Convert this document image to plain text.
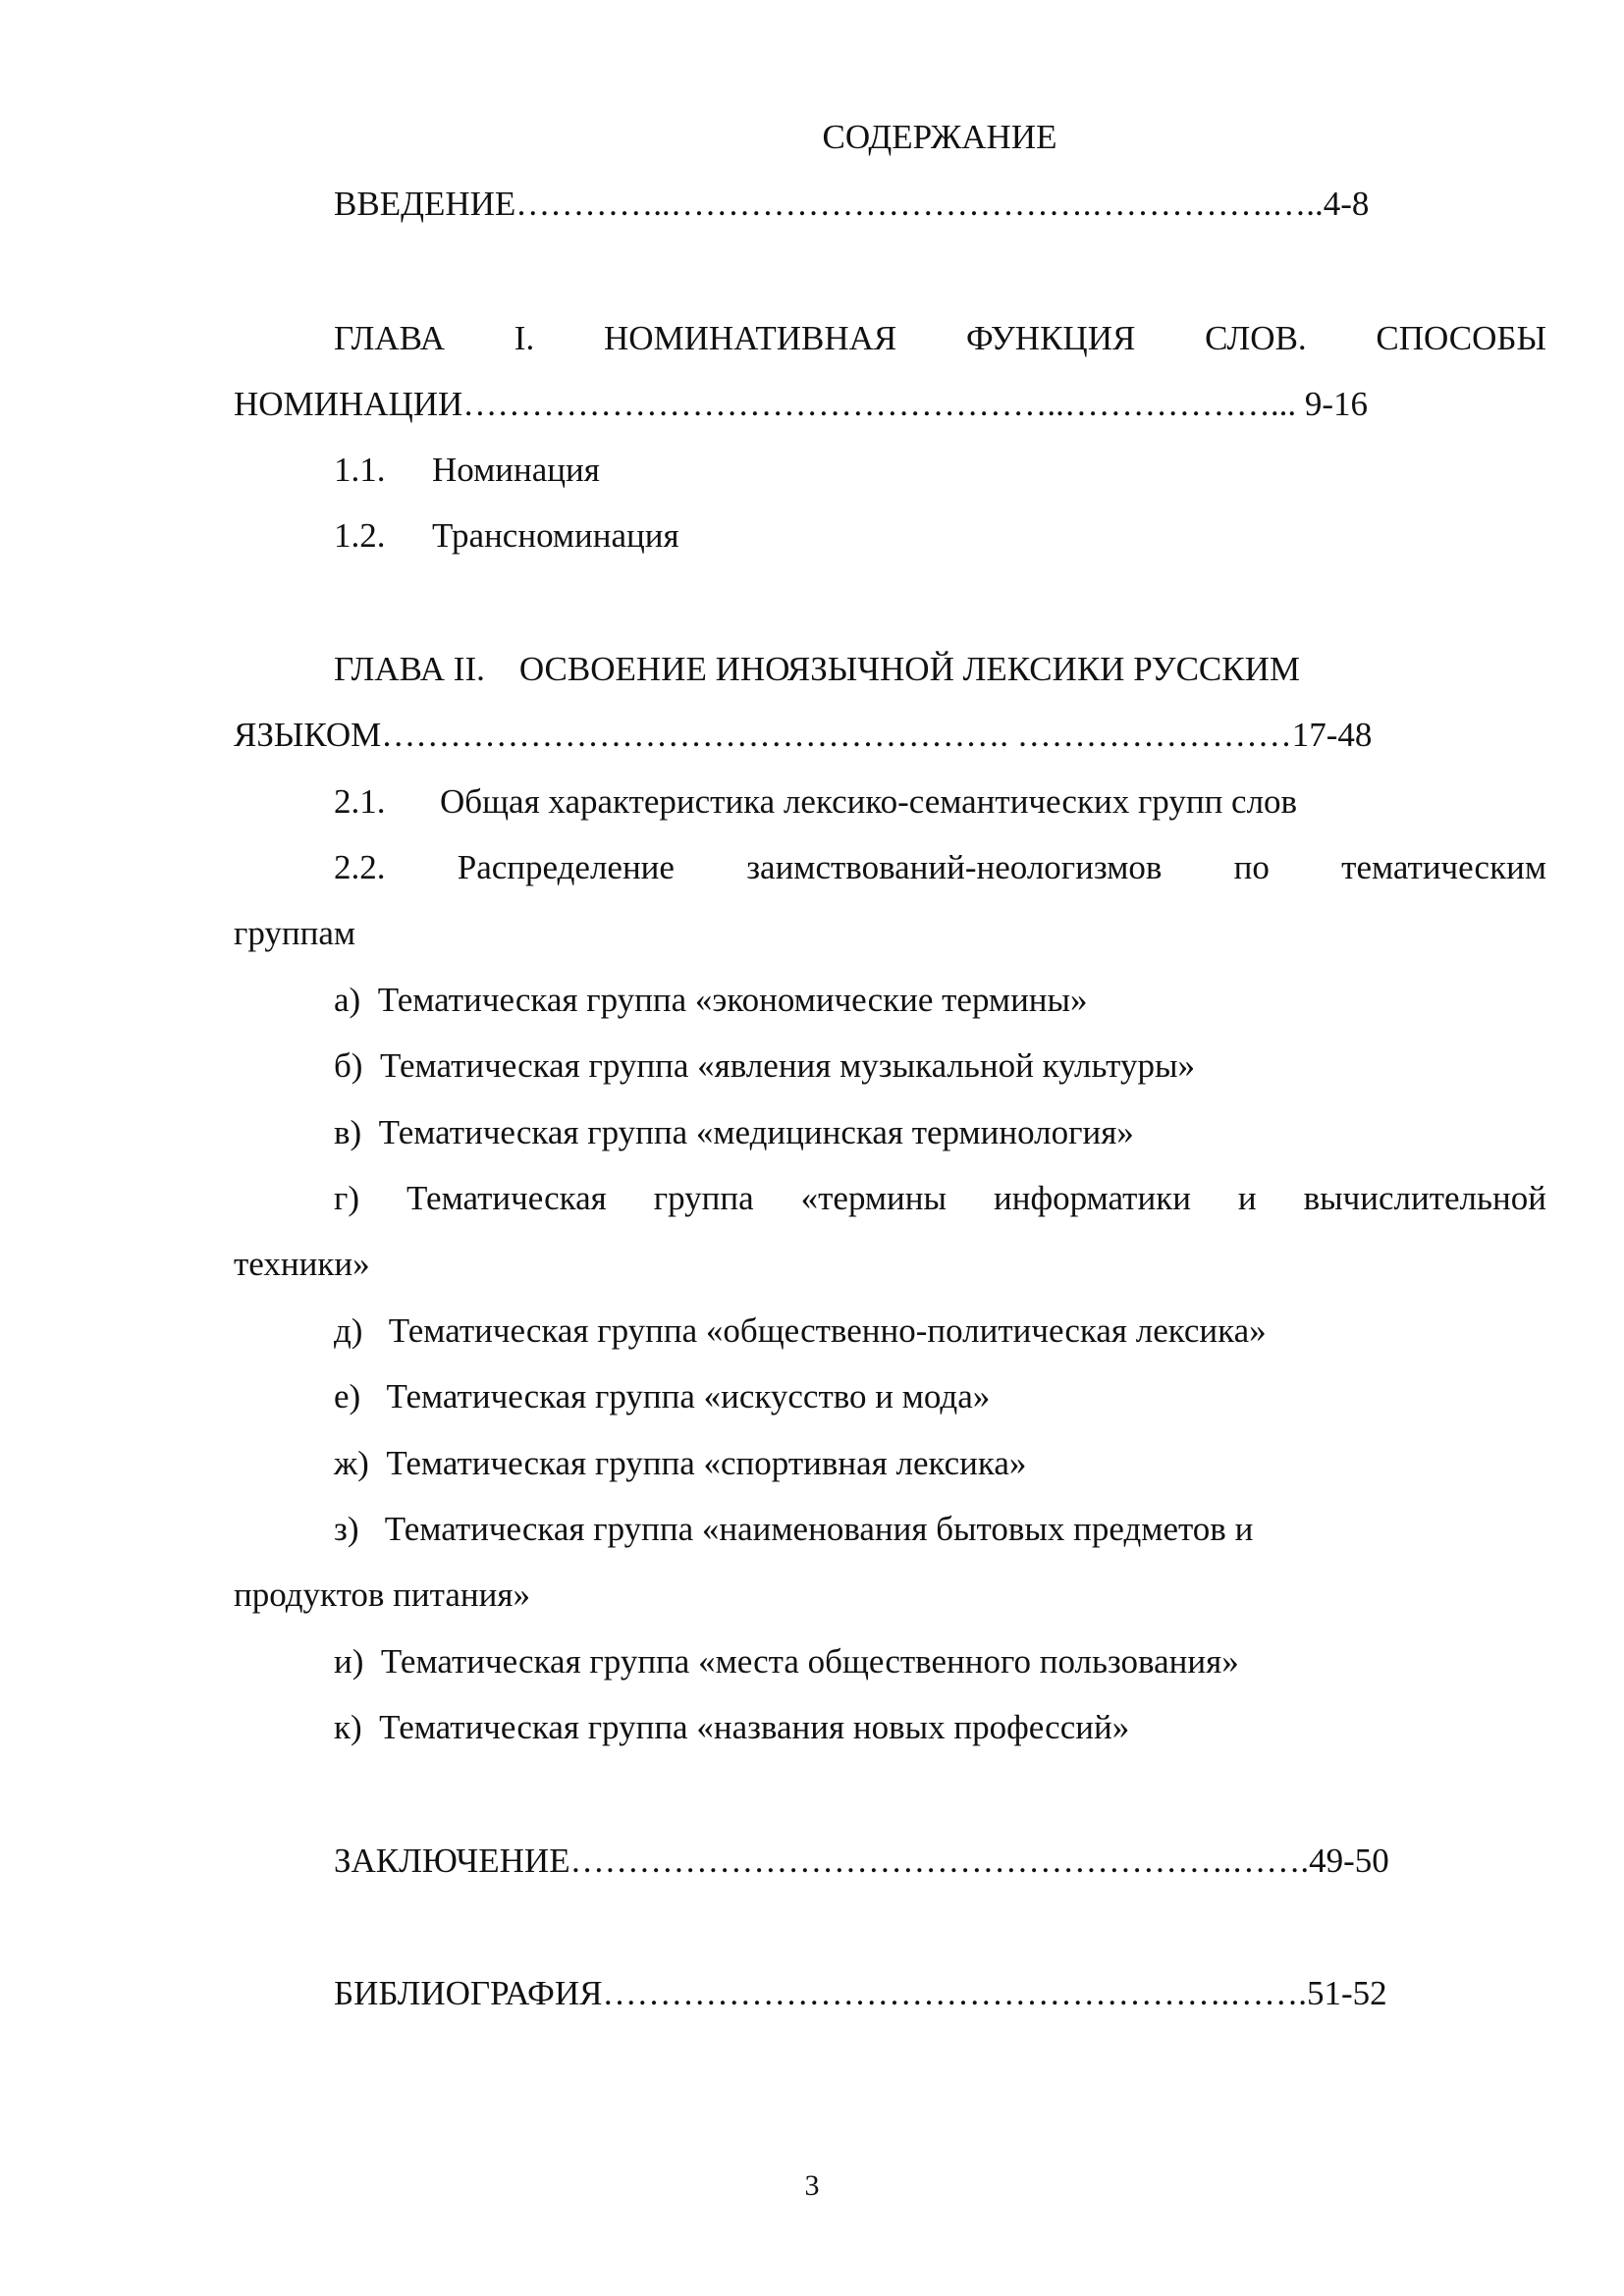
СОДЕРЖАНИЕ
ВВЕДЕНИЕ…………..……………………………….…………….…..4-8
ГЛАВА I. НОМИНАТИВНАЯ ФУНКЦИЯ СЛОВ. СПОСОБЫ
НОМИНАЦИИ……………………………………………..………………... 9-16
1.1. Номинация
1.2. Трансноминация
ГЛАВА II.    ОСВОЕНИЕ ИНОЯЗЫЧНОЙ ЛЕКСИКИ РУССКИМ
ЯЗЫКОМ………………………………………………. ……………………17-48
2.1. Общая характеристика лексико-семантических групп слов
2.2. Распределение заимствований-неологизмов по тематическим
группам
а)  Тематическая группа «экономические термины»
б)  Тематическая группа «явления музыкальной культуры»
в)  Тематическая группа «медицинская терминология»
г) Тематическая группа «термины информатики и вычислительной
техники»
д)   Тематическая группа «общественно-политическая лексика»
е)   Тематическая группа «искусство и мода»
ж)  Тематическая группа «спортивная лексика»
з)   Тематическая группа «наименования бытовых предметов и
продуктов питания»
и)  Тематическая группа «места общественного пользования»
к)  Тематическая группа «названия новых профессий»
ЗАКЛЮЧЕНИЕ………………………………………………….…….49-50
БИБЛИОГРАФИЯ……………………………………………….…….51-52
3
